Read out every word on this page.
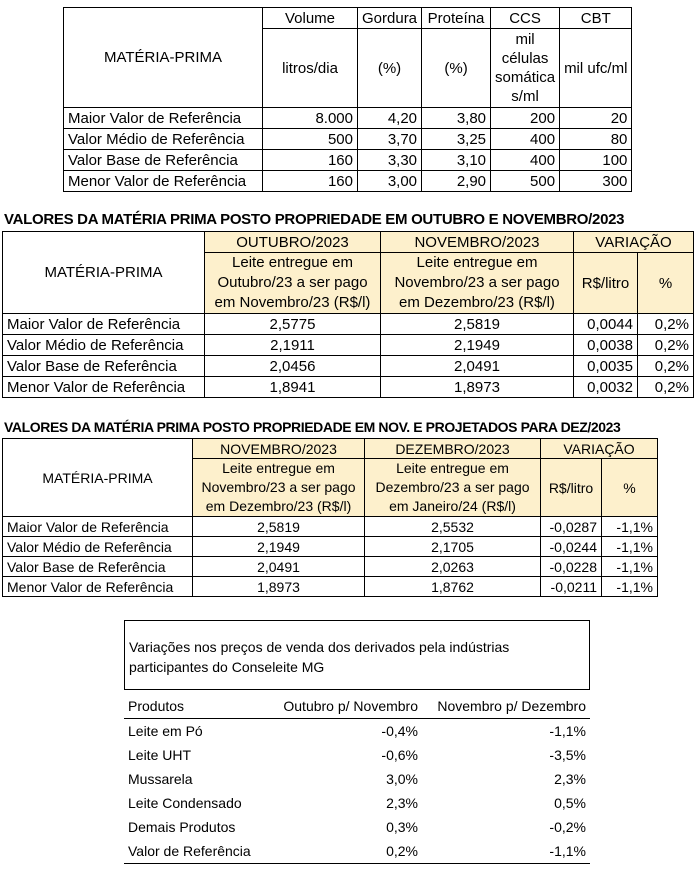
MATÉRIA-PRIMA	Volume	Gordura	Proteína	CCS	CBT
	litros/dia	(%)	(%)	mil células somática s/ml	mil ufc/ml
Maior Valor de Referência	8.000	4,20	3,80	200	20
Valor Médio de Referência	500	3,70	3,25	400	80
Valor Base de Referência	160	3,30	3,10	400	100
Menor Valor de Referência	160	3,00	2,90	500	300
VALORES DA MATÉRIA PRIMA POSTO PROPRIEDADE EM OUTUBRO E NOVEMBRO/2023
MATÉRIA-PRIMA	OUTUBRO/2023	NOVEMBRO/2023	VARIAÇÃO	
	Leite entregue em Outubro/23 a ser pago em Novembro/23 (R$/l)	Leite entregue em Novembro/23 a ser pago em Dezembro/23 (R$/l)	R$/litro	%
Maior Valor de Referência	2,5775	2,5819	0,0044	0,2%
Valor Médio de Referência	2,1911	2,1949	0,0038	0,2%
Valor Base de Referência	2,0456	2,0491	0,0035	0,2%
Menor Valor de Referência	1,8941	1,8973	0,0032	0,2%
VALORES DA MATÉRIA PRIMA POSTO PROPRIEDADE EM NOV. E PROJETADOS PARA DEZ/2023
MATÉRIA-PRIMA	NOVEMBRO/2023	DEZEMBRO/2023	VARIAÇÃO	
	Leite entregue em Novembro/23 a ser pago em Dezembro/23 (R$/l)	Leite entregue em Dezembro/23 a ser pago em Janeiro/24 (R$/l)	R$/litro	%
Maior Valor de Referência	2,5819	2,5532	-0,0287	-1,1%
Valor Médio de Referência	2,1949	2,1705	-0,0244	-1,1%
Valor Base de Referência	2,0491	2,0263	-0,0228	-1,1%
Menor Valor de Referência	1,8973	1,8762	-0,0211	-1,1%
Variações nos preços de venda dos derivados pela indústrias participantes do Conseleite MG
Produtos	Outubro p/ Novembro	Novembro p/ Dezembro
Leite em Pó	-0,4%	-1,1%
Leite UHT	-0,6%	-3,5%
Mussarela	3,0%	2,3%
Leite Condensado	2,3%	0,5%
Demais Produtos	0,3%	-0,2%
Valor de Referência	0,2%	-1,1%
